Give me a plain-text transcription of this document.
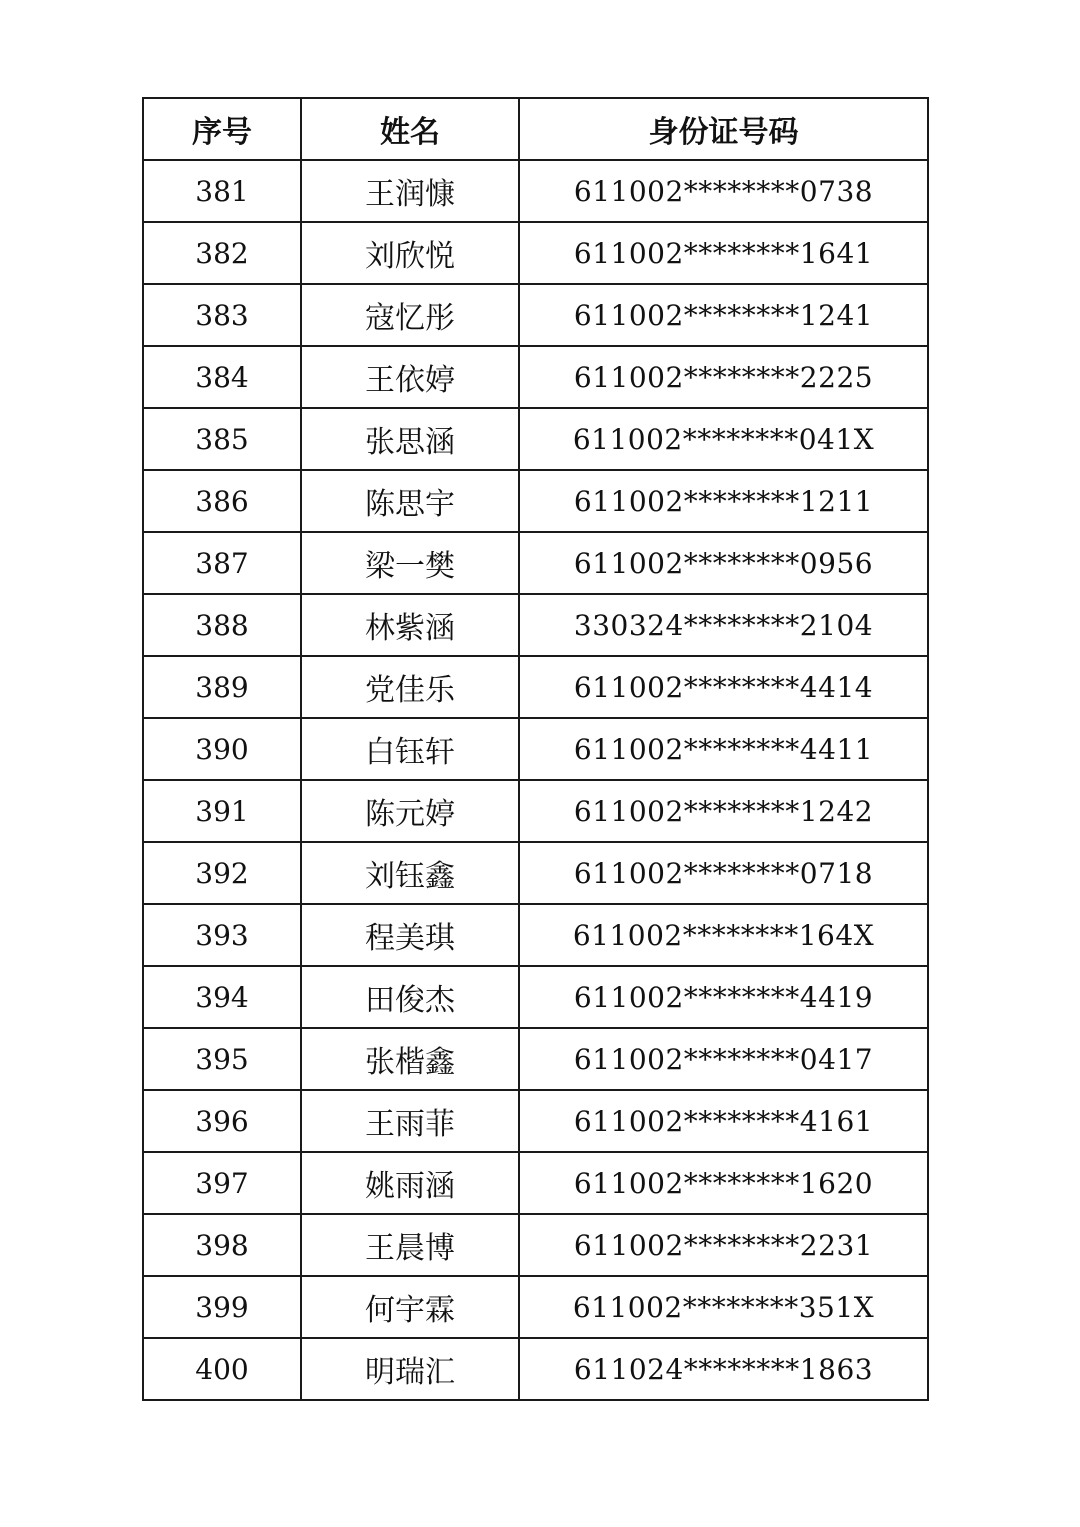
序号	姓名	身份证号码
381	王润慷	611002********0738
382	刘欣悦	611002********1641
383	寇忆彤	611002********1241
384	王依婷	611002********2225
385	张思涵	611002********041X
386	陈思宇	611002********1211
387	梁一樊	611002********0956
388	林紫涵	330324********2104
389	党佳乐	611002********4414
390	白钰轩	611002********4411
391	陈元婷	611002********1242
392	刘钰鑫	611002********0718
393	程美琪	611002********164X
394	田俊杰	611002********4419
395	张楷鑫	611002********0417
396	王雨菲	611002********4161
397	姚雨涵	611002********1620
398	王晨博	611002********2231
399	何宇霖	611002********351X
400	明瑞汇	611024********1863
